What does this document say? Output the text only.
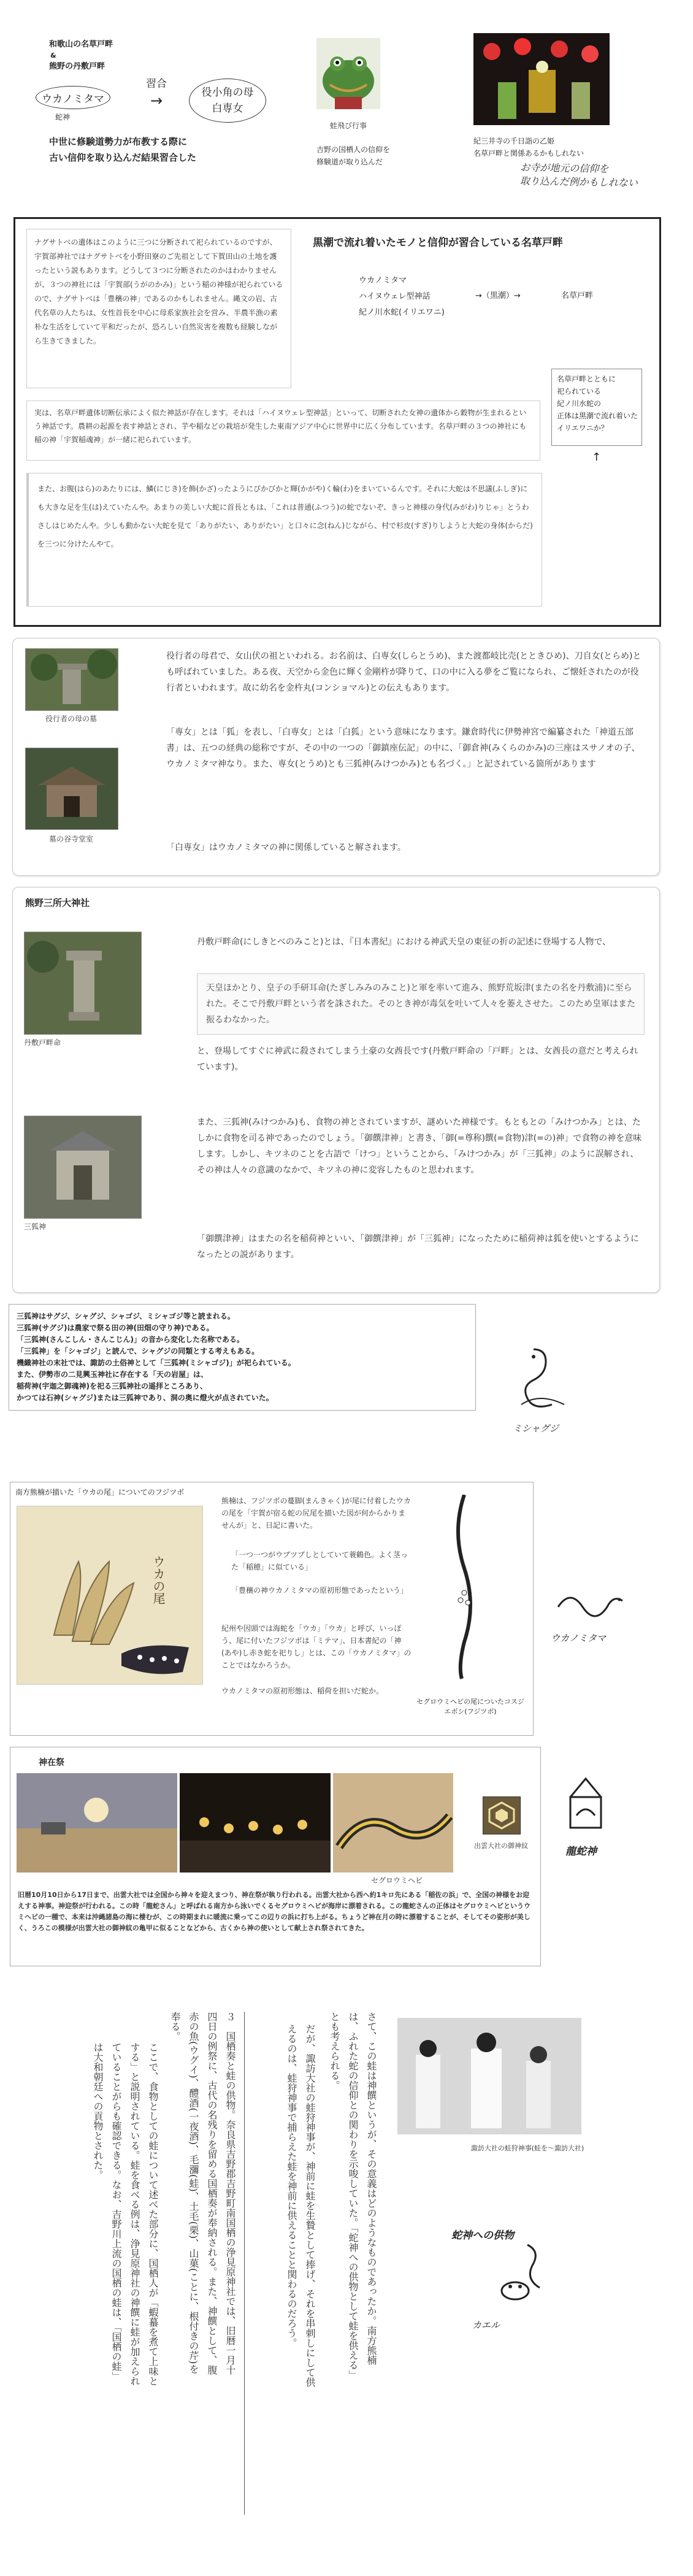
和歌山の名草戸畔
&
熊野の丹敷戸畔
ウカノミタマ
蛇神
習合
→	役小角の母
白専女
中世に修験道勢力が布教する際に
古い信仰を取り込んだ結果習合した
蛙飛び行事
吉野の国栖人の信仰を
修験道が取り込んだ
紀三井寺の千日詣の乙姫
名草戸畔と関係あるかもしれない
お寺が地元の信仰を
取り込んだ例かもしれない
黒潮で流れ着いたモノと信仰が習合している名草戸畔
ナグサトベの遺体はこのように三つに分断されて祀られているのですが、宇賀部神社ではナグサトベを小野田寮のご先祖として下賀田山の土地を護ったという説もあります。どうして３つに分断されたのかはわかりませんが、３つの神社には「宇賀部(うがのかみ)」という稲の神様が祀られているので、ナグサトベは「豊穣の神」であるのかもしれません。縄文の岩、古代名草の人たちは、女性首長を中心に母系家族社会を営み、半農半漁の素朴な生活をしていて平和だったが、恐ろしい自然災害を複数も経験しながら生きてきました。
ウカノミタマ
ハイヌウェレ型神話
紀ノ川水蛇(イリエワニ)
→（黒潮）→	名草戸畔
実は、名草戸畔遺体切断伝承によく似た神話が存在します。それは「ハイヌウェレ型神話」といって、切断された女神の遺体から穀物が生まれるという神話です。農耕の起源を表す神話とされ、芋や稲などの栽培が発生した東南アジア中心に世界中に広く分布しています。名草戸畔の３つの神社にも稲の神「宇賀稲魂神」が一緒に祀られています。
名草戸畔とともに
祀られている
紀ノ川水蛇の
正体は黒潮で流れ着いた
イリエワニか？
↑
また、お腹(はら)のあたりには、鱗(にじき)を飾(かざ)ったようにびかびかと輝(かがや)く輪(わ)をまいているんです。それに大蛇は不思議(ふしぎ)にも大きな足を生(は)えていたんや。あまりの美しい大蛇に首長ともは、「これは普通(ふつう)の蛇でないぞ、きっと神様の身代(みがわ)りじゃ」とうわさしはじめたんや。少しも動かない大蛇を見て「ありがたい、ありがたい」と口々に念(ねん)じながら、村で杉皮(すぎ)りしようと大蛇の身体(からだ)を三つに分けたんやて。
役行者の母の墓
墓の谷寺堂室
役行者の母君で、女山伏の祖といわれる。お名前は、白専女(しらとうめ)、また渡都岐比売(とときひめ)、刀自女(とらめ)とも呼ばれていました。ある夜、天空から金色に輝く金剛杵が降りて、口の中に入る夢をご覧になられ、ご懐妊されたのが役行者といわれます。故に幼名を金杵丸(コンショマル)との伝えもあります。
「専女」とは「狐」を表し、「白専女」とは「白狐」という意味になります。鎌倉時代に伊勢神宮で編纂された「神道五部書」は、五つの経典の総称ですが、その中の一つの「御鎮座伝記」の中に、「御倉神(みくらのかみ)の三座はスサノオの子、ウカノミタマ神なり。また、専女(とうめ)とも三狐神(みけつかみ)とも名づく。」と記されている箇所があります
「白専女」はウカノミタマの神に関係していると解されます。
熊野三所大神社
丹敷戸畔命
三狐神
丹敷戸畔命(にしきとべのみこと)とは、『日本書紀』における神武天皇の東征の折の記述に登場する人物で、
天皇ほかとり、皇子の手研耳命(たぎしみみのみこと)と軍を率いて進み、熊野荒坂津(またの名を丹敷浦)に至られた。そこで丹敷戸畔という者を誅された。そのとき神が毒気を吐いて人々を萎えさせた。このため皇軍はまた振るわなかった。
と、登場してすぐに神武に殺されてしまう土豪の女酋長です(丹敷戸畔命の「戸畔」とは、女酋長の意だと考えられています)。
また、三狐神(みけつかみ)も、食物の神とされていますが、謎めいた神様です。もともとの「みけつかみ」とは、たしかに食物を司る神であったのでしょう。「御饌津神」と書き、「御(=尊称)饌(=食物)津(=の)神」で食物の神を意味します。しかし、キツネのことを古語で「けつ」ということから、「みけつかみ」が「三狐神」のように誤解され、その神は人々の意識のなかで、キツネの神に変容したものと思われます。
「御饌津神」はまたの名を稲荷神といい、「御饌津神」が「三狐神」になったために稲荷神は狐を使いとするようになったとの説があります。
三狐神はサグジ、シャグジ、シャゴジ、ミシャゴジ等と読まれる。
三狐神(サグジ)は農家で祭る田の神(田畑の守り神)である。
「三狐神(さんこしん・さんこじん)」の音から変化した名称である。
「三狐神」を「シャゴジ」と読んで、シャグジの同類とする考えもある。
機織神社の末社では、諏訪の土俗神として「三狐神(ミシャゴジ)」が祀られている。
また、伊勢市の二見興玉神社に存在する「天の岩屋」は、
稲荷神(宇迦之御魂神)を祀る三狐神社の遥拝ところあり、
かつては石神(シャグジ)または三狐神であり、洞の奥に燈火が点されていた。
ミシャグジ
南方熊楠が描いた「ウカの尾」についてのフジツボ
ウカの尾
熊楠は、フジツボの蔓脚(まんきゃく)が尾に付着したウカの尾を「宇賀が宿る蛇の尻尾を描いた図が何からかりませんが」と、日記に書いた。
「一つ一つがウブツブしとしていて蓑鶴色。よく茎った「稲穂」に似ている」
「豊穣の神ウカノミタマの原初形態であったという」
紀州や因頭では海蛇を「ウカ」「ウカ」と呼び、いっぽう、尾に付いたフジツボは「ミテマ」、日本書紀の「神(あや)し赤き蛇を祀りし」とは、この「ウカノミタマ」のことではなかろうか。
ウカノミタマの原初形態は、稲荷を担いだ蛇か。
セグロウミヘビの尾についたコスジエボシ(フジツボ)
ウカノミタマ
神在祭
セグロウミヘビ
出雲大社の御神紋
旧暦10月10日から17日まで、出雲大社では全国から神々を迎えまつり、神在祭が執り行われる。出雲大社から西へ約1キロ先にある「稲佐の浜」で、全国の神様をお迎えする神事。神迎祭が行われる。この時「龍蛇さん」と呼ばれる南方から泳いでくるセグロウミヘビが海岸に漂着される。この龍蛇さんの正体はセグロウミヘビというウミヘビの一種で、本来は沖縄諸島の海に棲むが、この時期まれに暖流に乗ってこの辺りの浜に打ち上がる。ちょうど神在月の時に漂着することが、そしてその姿形が美しく、うろこの模様が出雲大社の御神紋の亀甲に似ることなどから、古くから神の使いとして献上され祭されてきた。
龍蛇神
３　国栖奏と蛙の供物。奈良県吉野郡吉野町南国栖の浄見原神社では、旧暦一月十四日の例祭に、古代の名残りを留める国栖奏が奉納される。また、神饌として、腹赤の魚(ウグイ)、醴酒(一夜酒)、毛瀰(蛙)、土毛(栗)、山菓(ことに、根付きの芹)を奉る。
ここで、食物としての蛙について述べた部分に、国栖人が「蝦蟇を煮て上味とする」と説明されている。蛙を食べる例は、浄見原神社の神饌に蛙が加えられていることがらも確認できる。なお、吉野川上流の国栖の蛙は、「国栖の蛙」は大和朝廷への貢物とされた。	さて、この蛙は神饌というが、その意義はどのようなものであったか。南方熊楠は、ふれた蛇の信仰との関わりを示唆していた。「蛇神への供物として蛙を供える」とも考えられる。
だが、諏訪大社の蛙狩神事が、神前に蛙を生贄として捧げ、それを串刺しにして供えるのは、蛙狩神事で捕らえた蛙を神前に供えることと関わるのだろう。	諏訪大社の蛙狩神事(蛙を～諏訪大社)
蛇神への供物
カエル
